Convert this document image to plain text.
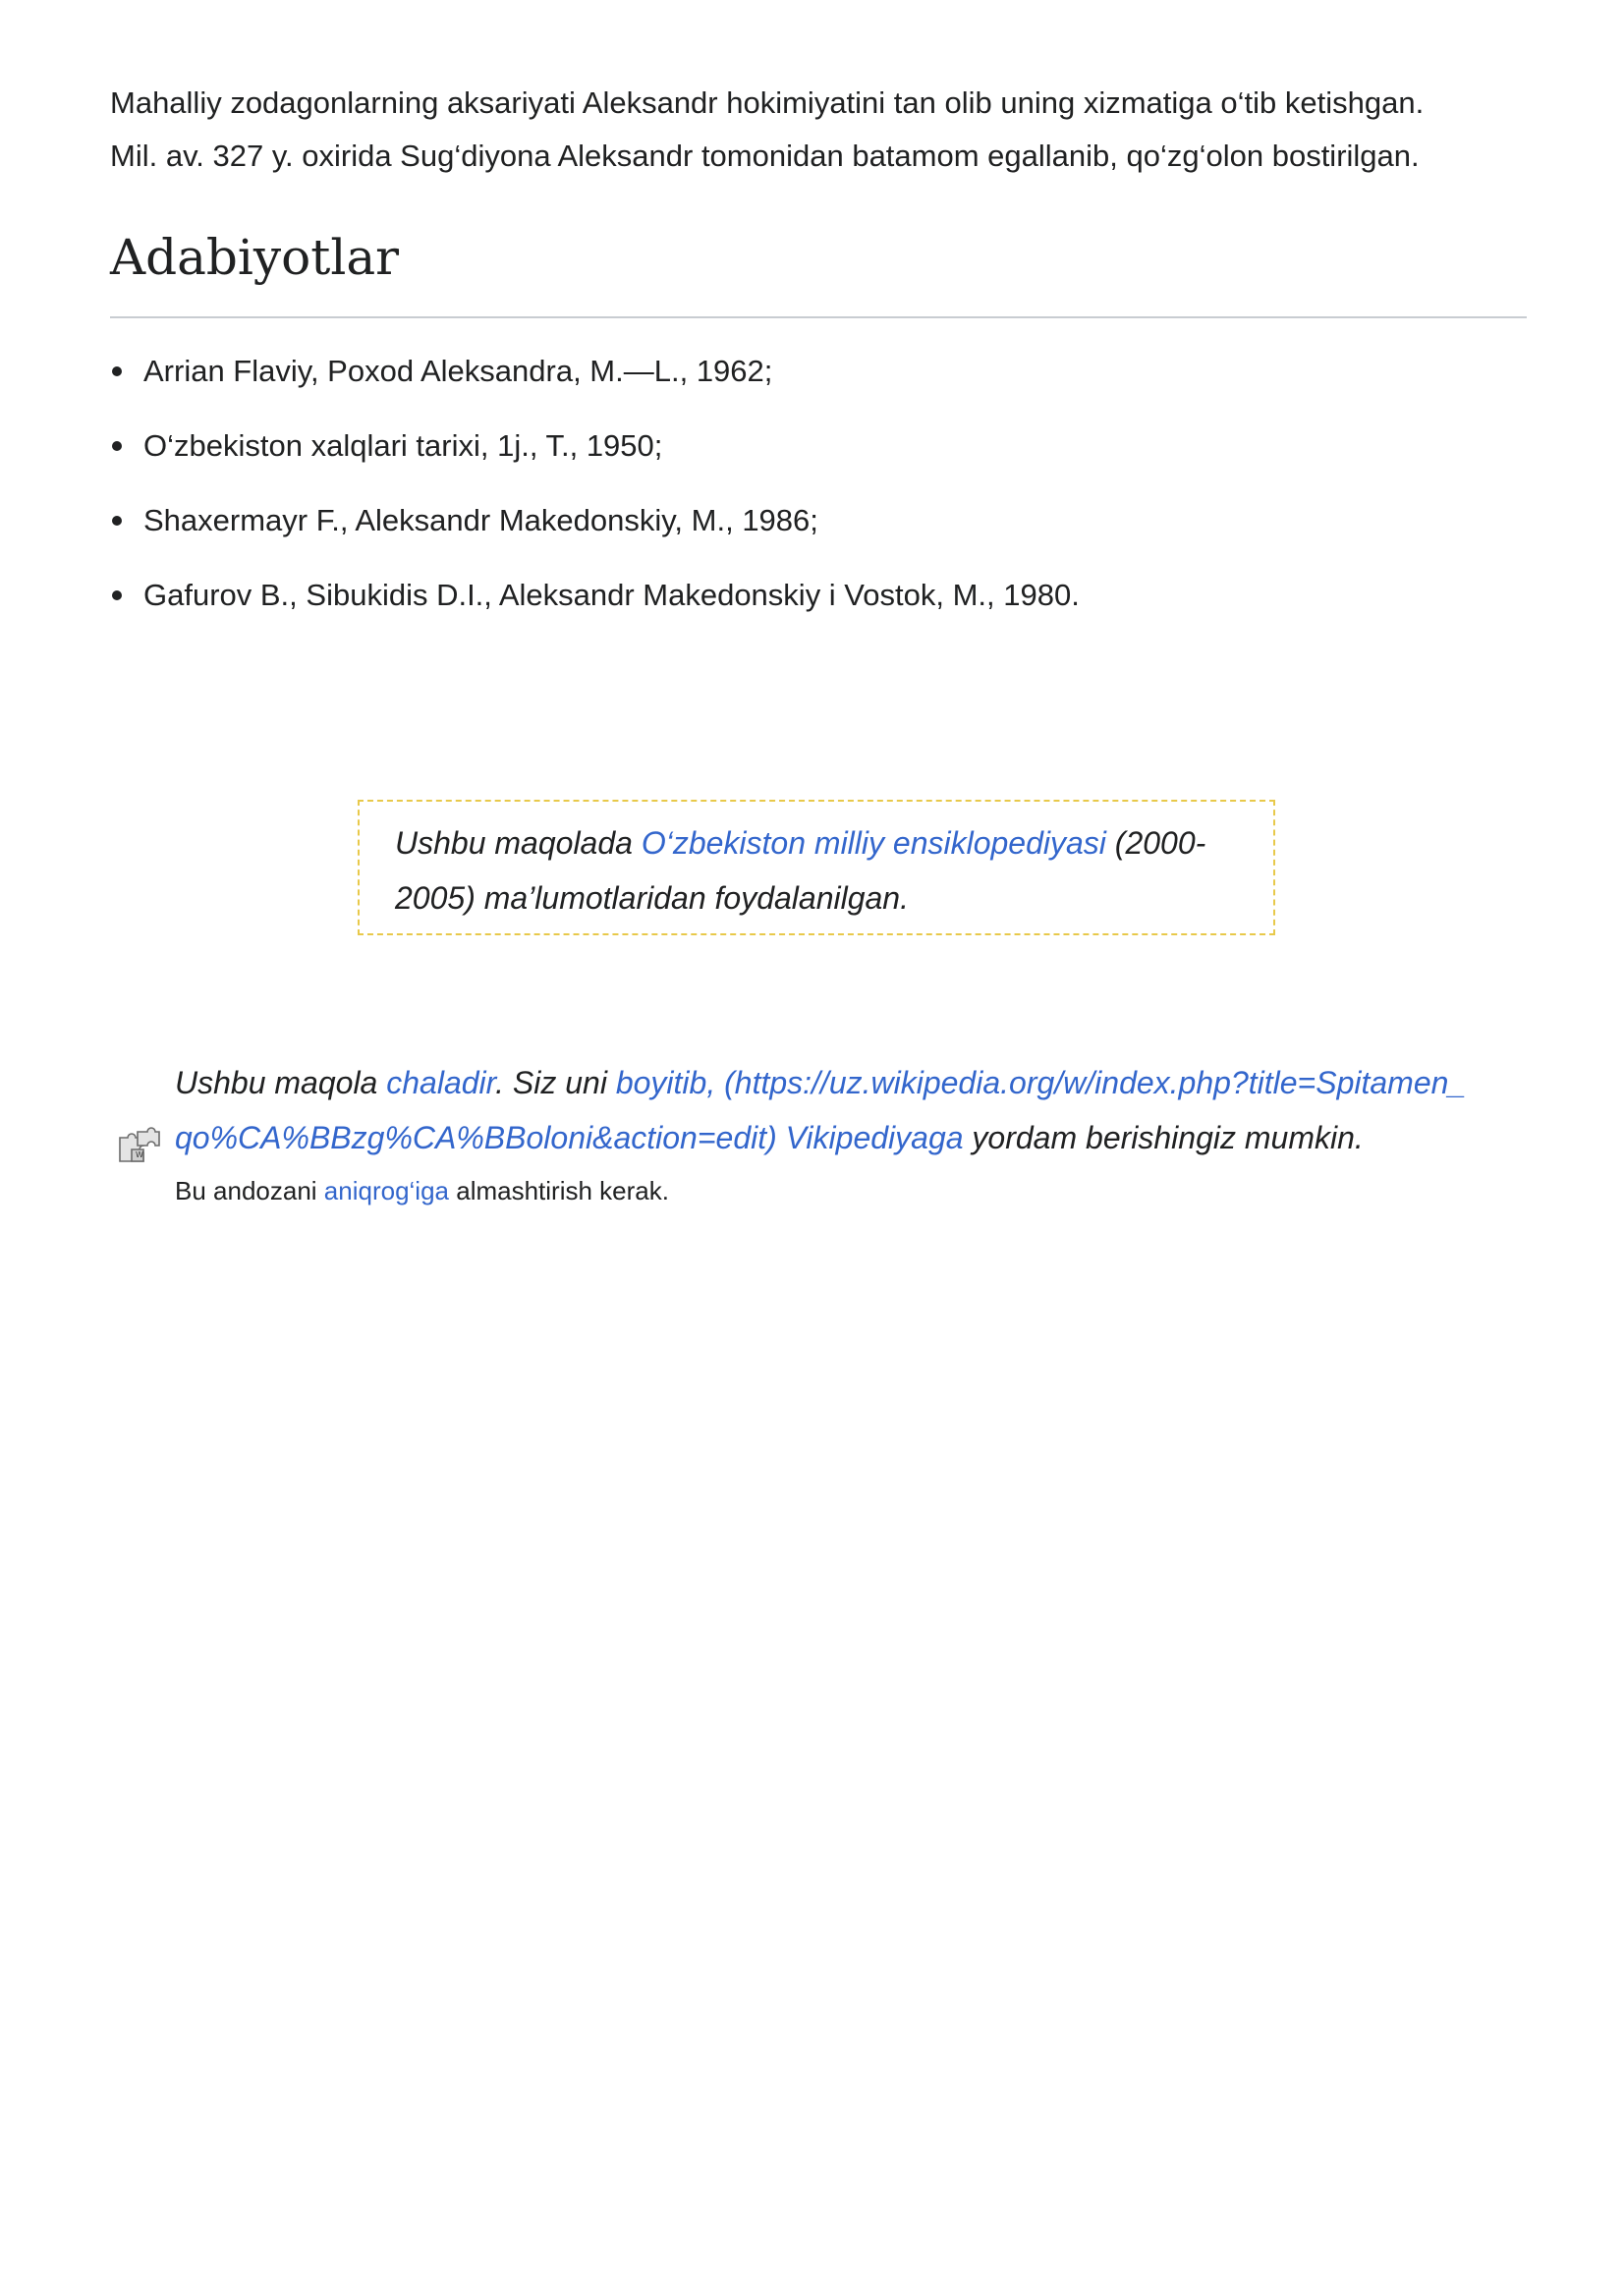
Mahalliy zodagonlarning aksariyati Aleksandr hokimiyatini tan olib uning xizmatiga o‘tib ketishgan.
Mil. av. 327 y. oxirida Sug‘diyona Aleksandr tomonidan batamom egallanib, qo‘zg‘olon bostirilgan.

Adabiyotlar
Arrian Flaviy, Poxod Aleksandra, M.—L., 1962;
O‘zbekiston xalqlari tarixi, 1j., T., 1950;
Shaxermayr F., Aleksandr Makedonskiy, M., 1986;
Gafurov B., Sibukidis D.I., Aleksandr Makedonskiy i Vostok, M., 1980.
Ushbu maqolada O‘zbekiston milliy ensiklopediyasi (2000-
2005) ma’lumotlaridan foydalanilgan.
W
Ushbu maqola chaladir. Siz uni boyitib, (https://uz.wikipedia.org/w/index.php?title=Spitamen_
qo%CA%BBzg%CA%BBoloni&action=edit) Vikipediyaga yordam berishingiz mumkin.
Bu andozani aniqrog‘iga almashtirish kerak.
